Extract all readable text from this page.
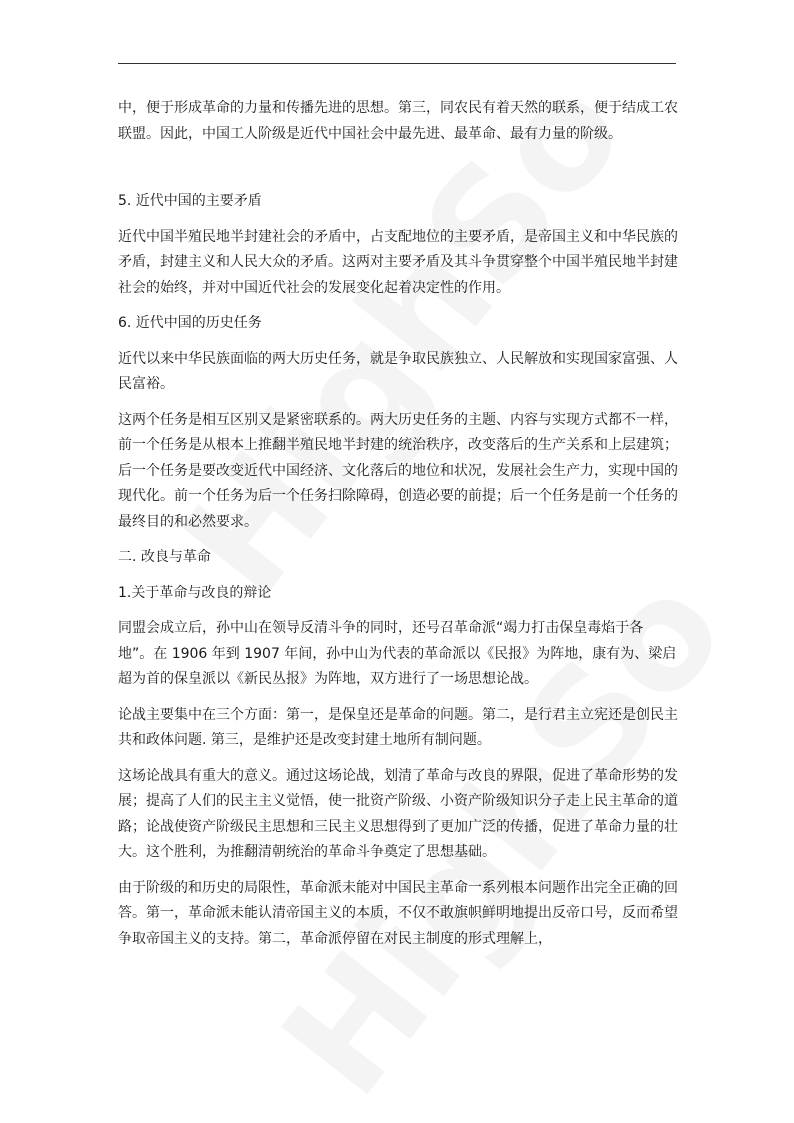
中，便于形成革命的力量和传播先进的思想。第三，同农民有着天然的联系，便于结成工农联盟。因此，中国工人阶级是近代中国社会中最先进、最革命、最有力量的阶级。

5. 近代中国的主要矛盾

近代中国半殖民地半封建社会的矛盾中，占支配地位的主要矛盾，是帝国主义和中华民族的矛盾，封建主义和人民大众的矛盾。这两对主要矛盾及其斗争贯穿整个中国半殖民地半封建社会的始终，并对中国近代社会的发展变化起着决定性的作用。

6. 近代中国的历史任务

近代以来中华民族面临的两大历史任务，就是争取民族独立、人民解放和实现国家富强、人民富裕。

这两个任务是相互区别又是紧密联系的。两大历史任务的主题、内容与实现方式都不一样，前一个任务是从根本上推翻半殖民地半封建的统治秩序，改变落后的生产关系和上层建筑；后一个任务是要改变近代中国经济、文化落后的地位和状况，发展社会生产力，实现中国的现代化。前一个任务为后一个任务扫除障碍，创造必要的前提；后一个任务是前一个任务的最终目的和必然要求。

二. 改良与革命

1.关于革命与改良的辩论

同盟会成立后，孙中山在领导反清斗争的同时，还号召革命派“竭力打击保皇毒焰于各地”。在 1906 年到 1907 年间，孙中山为代表的革命派以《民报》为阵地，康有为、梁启超为首的保皇派以《新民丛报》为阵地，双方进行了一场思想论战。

论战主要集中在三个方面：第一，是保皇还是革命的问题。第二，是行君主立宪还是创民主共和政体问题. 第三，是维护还是改变封建土地所有制问题。

这场论战具有重大的意义。通过这场论战，划清了革命与改良的界限，促进了革命形势的发展；提高了人们的民主主义觉悟，使一批资产阶级、小资产阶级知识分子走上民主革命的道路；论战使资产阶级民主思想和三民主义思想得到了更加广泛的传播，促进了革命力量的壮大。这个胜利，为推翻清朝统治的革命斗争奠定了思想基础。

由于阶级的和历史的局限性，革命派未能对中国民主革命一系列根本问题作出完全正确的回答。第一，革命派未能认清帝国主义的本质，不仅不敢旗帜鲜明地提出反帝口号，反而希望争取帝国主义的支持。第二，革命派停留在对民主制度的形式理解上，
